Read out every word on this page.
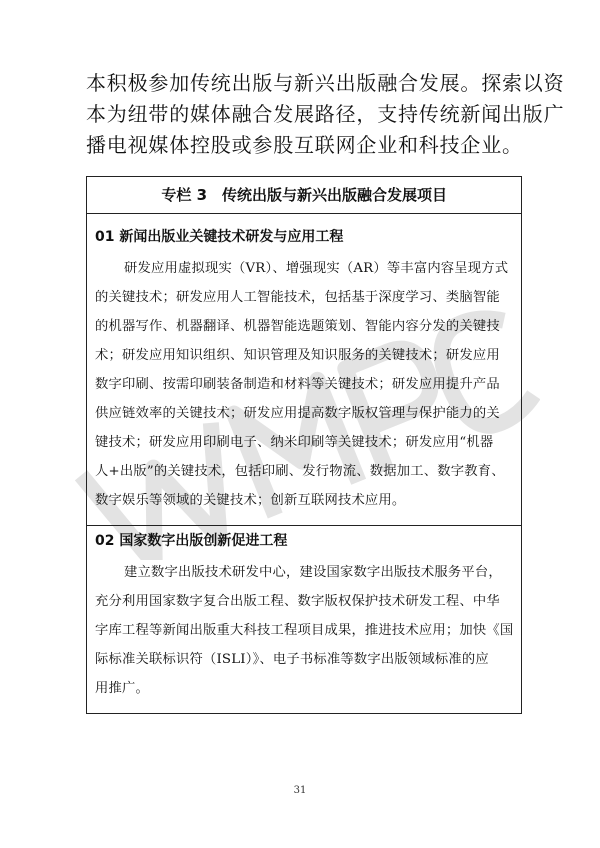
本积极参加传统出版与新兴出版融合发展。探索以资
本为纽带的媒体融合发展路径，支持传统新闻出版广
播电视媒体控股或参股互联网企业和科技企业。
专栏 3　传统出版与新兴出版融合发展项目

01 新闻出版业关键技术研发与应用工程
研发应用虚拟现实（VR）、增强现实（AR）等丰富内容呈现方式
的关键技术；研发应用人工智能技术，包括基于深度学习、类脑智能
的机器写作、机器翻译、机器智能选题策划、智能内容分发的关键技
术；研发应用知识组织、知识管理及知识服务的关键技术；研发应用
数字印刷、按需印刷装备制造和材料等关键技术；研发应用提升产品
供应链效率的关键技术；研发应用提高数字版权管理与保护能力的关
键技术；研发应用印刷电子、纳米印刷等关键技术；研发应用“机器
人+出版”的关键技术，包括印刷、发行物流、数据加工、数字教育、
数字娱乐等领域的关键技术；创新互联网技术应用。

02 国家数字出版创新促进工程
建立数字出版技术研发中心，建设国家数字出版技术服务平台，
充分利用国家数字复合出版工程、数字版权保护技术研发工程、中华
字库工程等新闻出版重大科技工程项目成果，推进技术应用；加快《国
际标准关联标识符（ISLI）》、电子书标准等数字出版领域标准的应
用推广。
31
